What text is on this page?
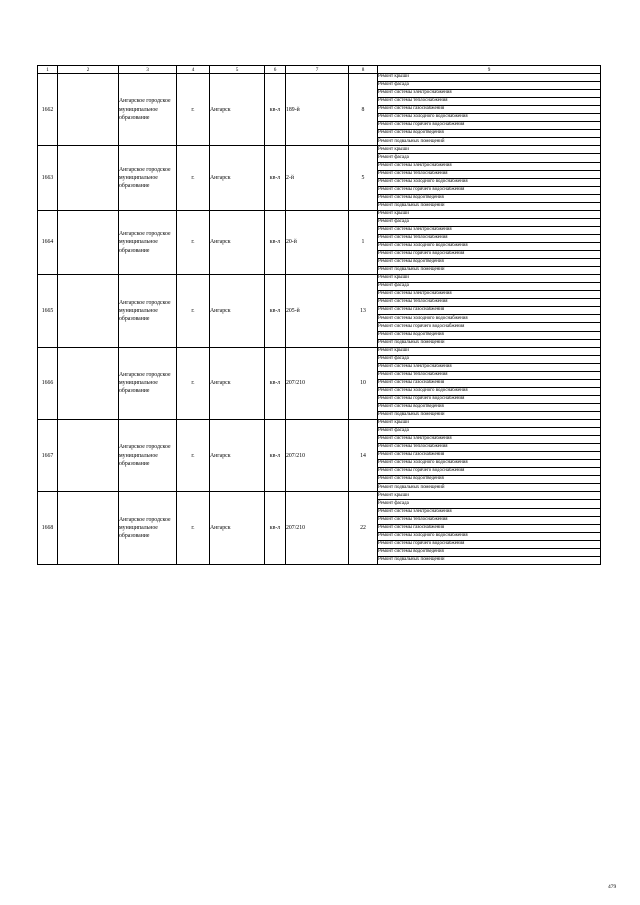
1	2	3	4	5	6	7	8	9
1662		Ангарское городское муниципальное образование	г.	Ангарск	кв-л	189-й	8	Ремонт крыши
								Ремонт фасада
								Ремонт системы электроснабжения
								Ремонт системы теплоснабжения
								Ремонт системы газоснабжения
								Ремонт системы холодного водоснабжения
								Ремонт системы горячего водоснабжения
								Ремонт системы водоотведения
								Ремонт подвальных помещений
1663		Ангарское городское муниципальное образование	г.	Ангарск	кв-л	2-й	5	Ремонт крыши
								Ремонт фасада
								Ремонт системы электроснабжения
								Ремонт системы теплоснабжения
								Ремонт системы холодного водоснабжения
								Ремонт системы горячего водоснабжения
								Ремонт системы водоотведения
								Ремонт подвальных помещений
1664		Ангарское городское муниципальное образование	г.	Ангарск	кв-л	20-й	1	Ремонт крыши
								Ремонт фасада
								Ремонт системы электроснабжения
								Ремонт системы теплоснабжения
								Ремонт системы холодного водоснабжения
								Ремонт системы горячего водоснабжения
								Ремонт системы водоотведения
								Ремонт подвальных помещений
1665		Ангарское городское муниципальное образование	г.	Ангарск	кв-л	205-й	13	Ремонт крыши
								Ремонт фасада
								Ремонт системы электроснабжения
								Ремонт системы теплоснабжения
								Ремонт системы газоснабжения
								Ремонт системы холодного водоснабжения
								Ремонт системы горячего водоснабжения
								Ремонт системы водоотведения
								Ремонт подвальных помещений
1666		Ангарское городское муниципальное образование	г.	Ангарск	кв-л	207/210	10	Ремонт крыши
								Ремонт фасада
								Ремонт системы электроснабжения
								Ремонт системы теплоснабжения
								Ремонт системы газоснабжения
								Ремонт системы холодного водоснабжения
								Ремонт системы горячего водоснабжения
								Ремонт системы водоотведения
								Ремонт подвальных помещений
1667		Ангарское городское муниципальное образование	г.	Ангарск	кв-л	207/210	14	Ремонт крыши
								Ремонт фасада
								Ремонт системы электроснабжения
								Ремонт системы теплоснабжения
								Ремонт системы газоснабжения
								Ремонт системы холодного водоснабжения
								Ремонт системы горячего водоснабжения
								Ремонт системы водоотведения
								Ремонт подвальных помещений
1668		Ангарское городское муниципальное образование	г.	Ангарск	кв-л	207/210	22	Ремонт крыши
								Ремонт фасада
								Ремонт системы электроснабжения
								Ремонт системы теплоснабжения
								Ремонт системы газоснабжения
								Ремонт системы холодного водоснабжения
								Ремонт системы горячего водоснабжения
								Ремонт системы водоотведения
								Ремонт подвальных помещений
479
